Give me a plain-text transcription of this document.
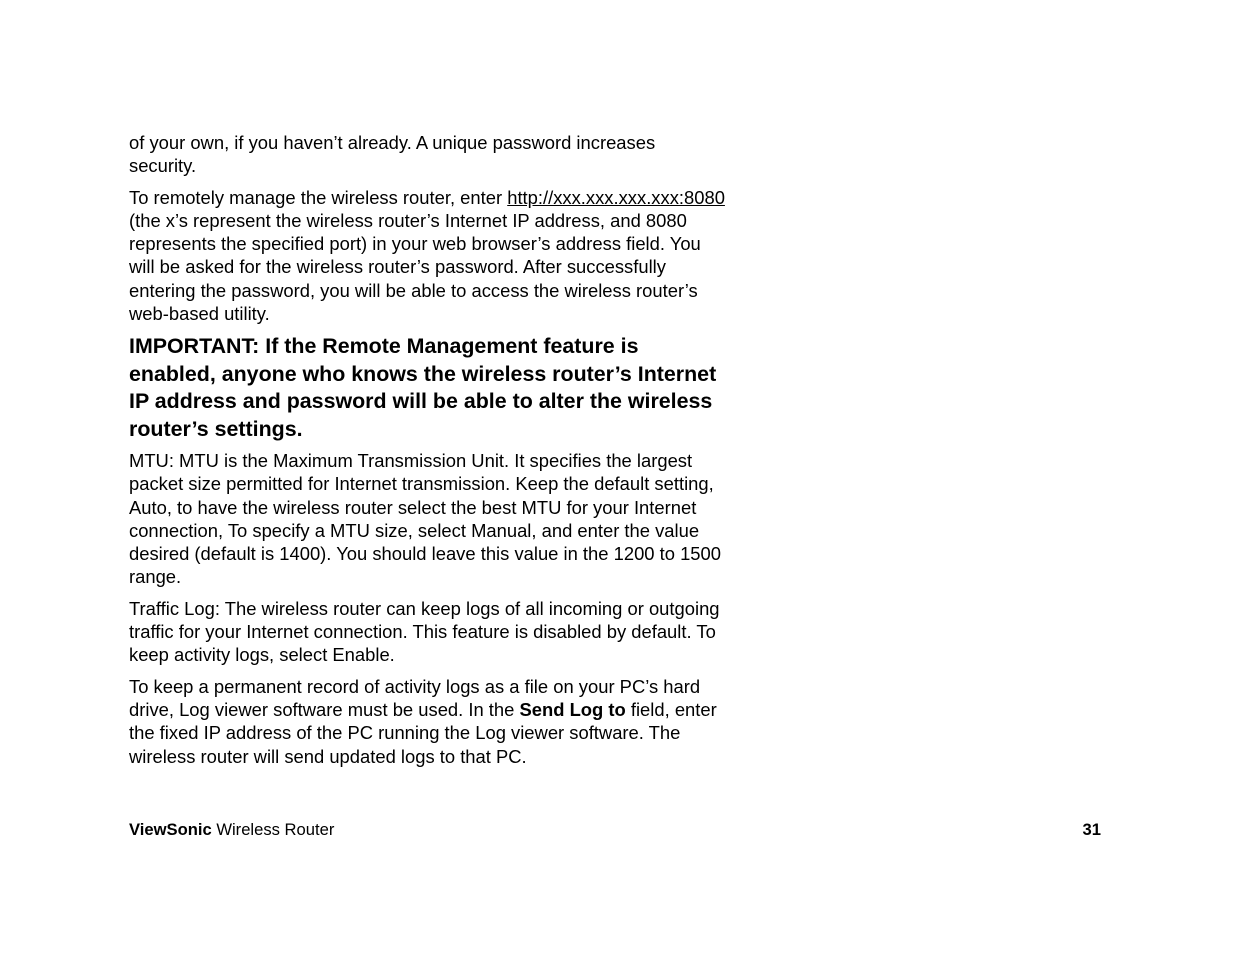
of your own, if you haven’t already. A unique password increases security.

To remotely manage the wireless router, enter http://xxx.xxx.xxx.xxx:8080 (the x’s represent the wireless router’s Internet IP address, and 8080 represents the specified port) in your web browser’s address field. You will be asked for the wireless router’s password. After successfully entering the password, you will be able to access the wireless router’s web-based utility.

IMPORTANT: If the Remote Management feature is enabled, anyone who knows the wireless router’s Internet IP address and password will be able to alter the wireless router’s settings.

MTU: MTU is the Maximum Transmission Unit. It specifies the largest packet size permitted for Internet transmission. Keep the default setting, Auto, to have the wireless router select the best MTU for your Internet connection, To specify a MTU size, select Manual, and enter the value desired (default is 1400). You should leave this value in the 1200 to 1500 range.

Traffic Log: The wireless router can keep logs of all incoming or outgoing traffic for your Internet connection. This feature is disabled by default. To keep activity logs, select Enable.

To keep a permanent record of activity logs as a file on your PC’s hard drive, Log viewer software must be used. In the Send Log to field, enter the fixed IP address of the PC running the Log viewer software. The wireless router will send updated logs to that PC.

ViewSonic Wireless Router	31
